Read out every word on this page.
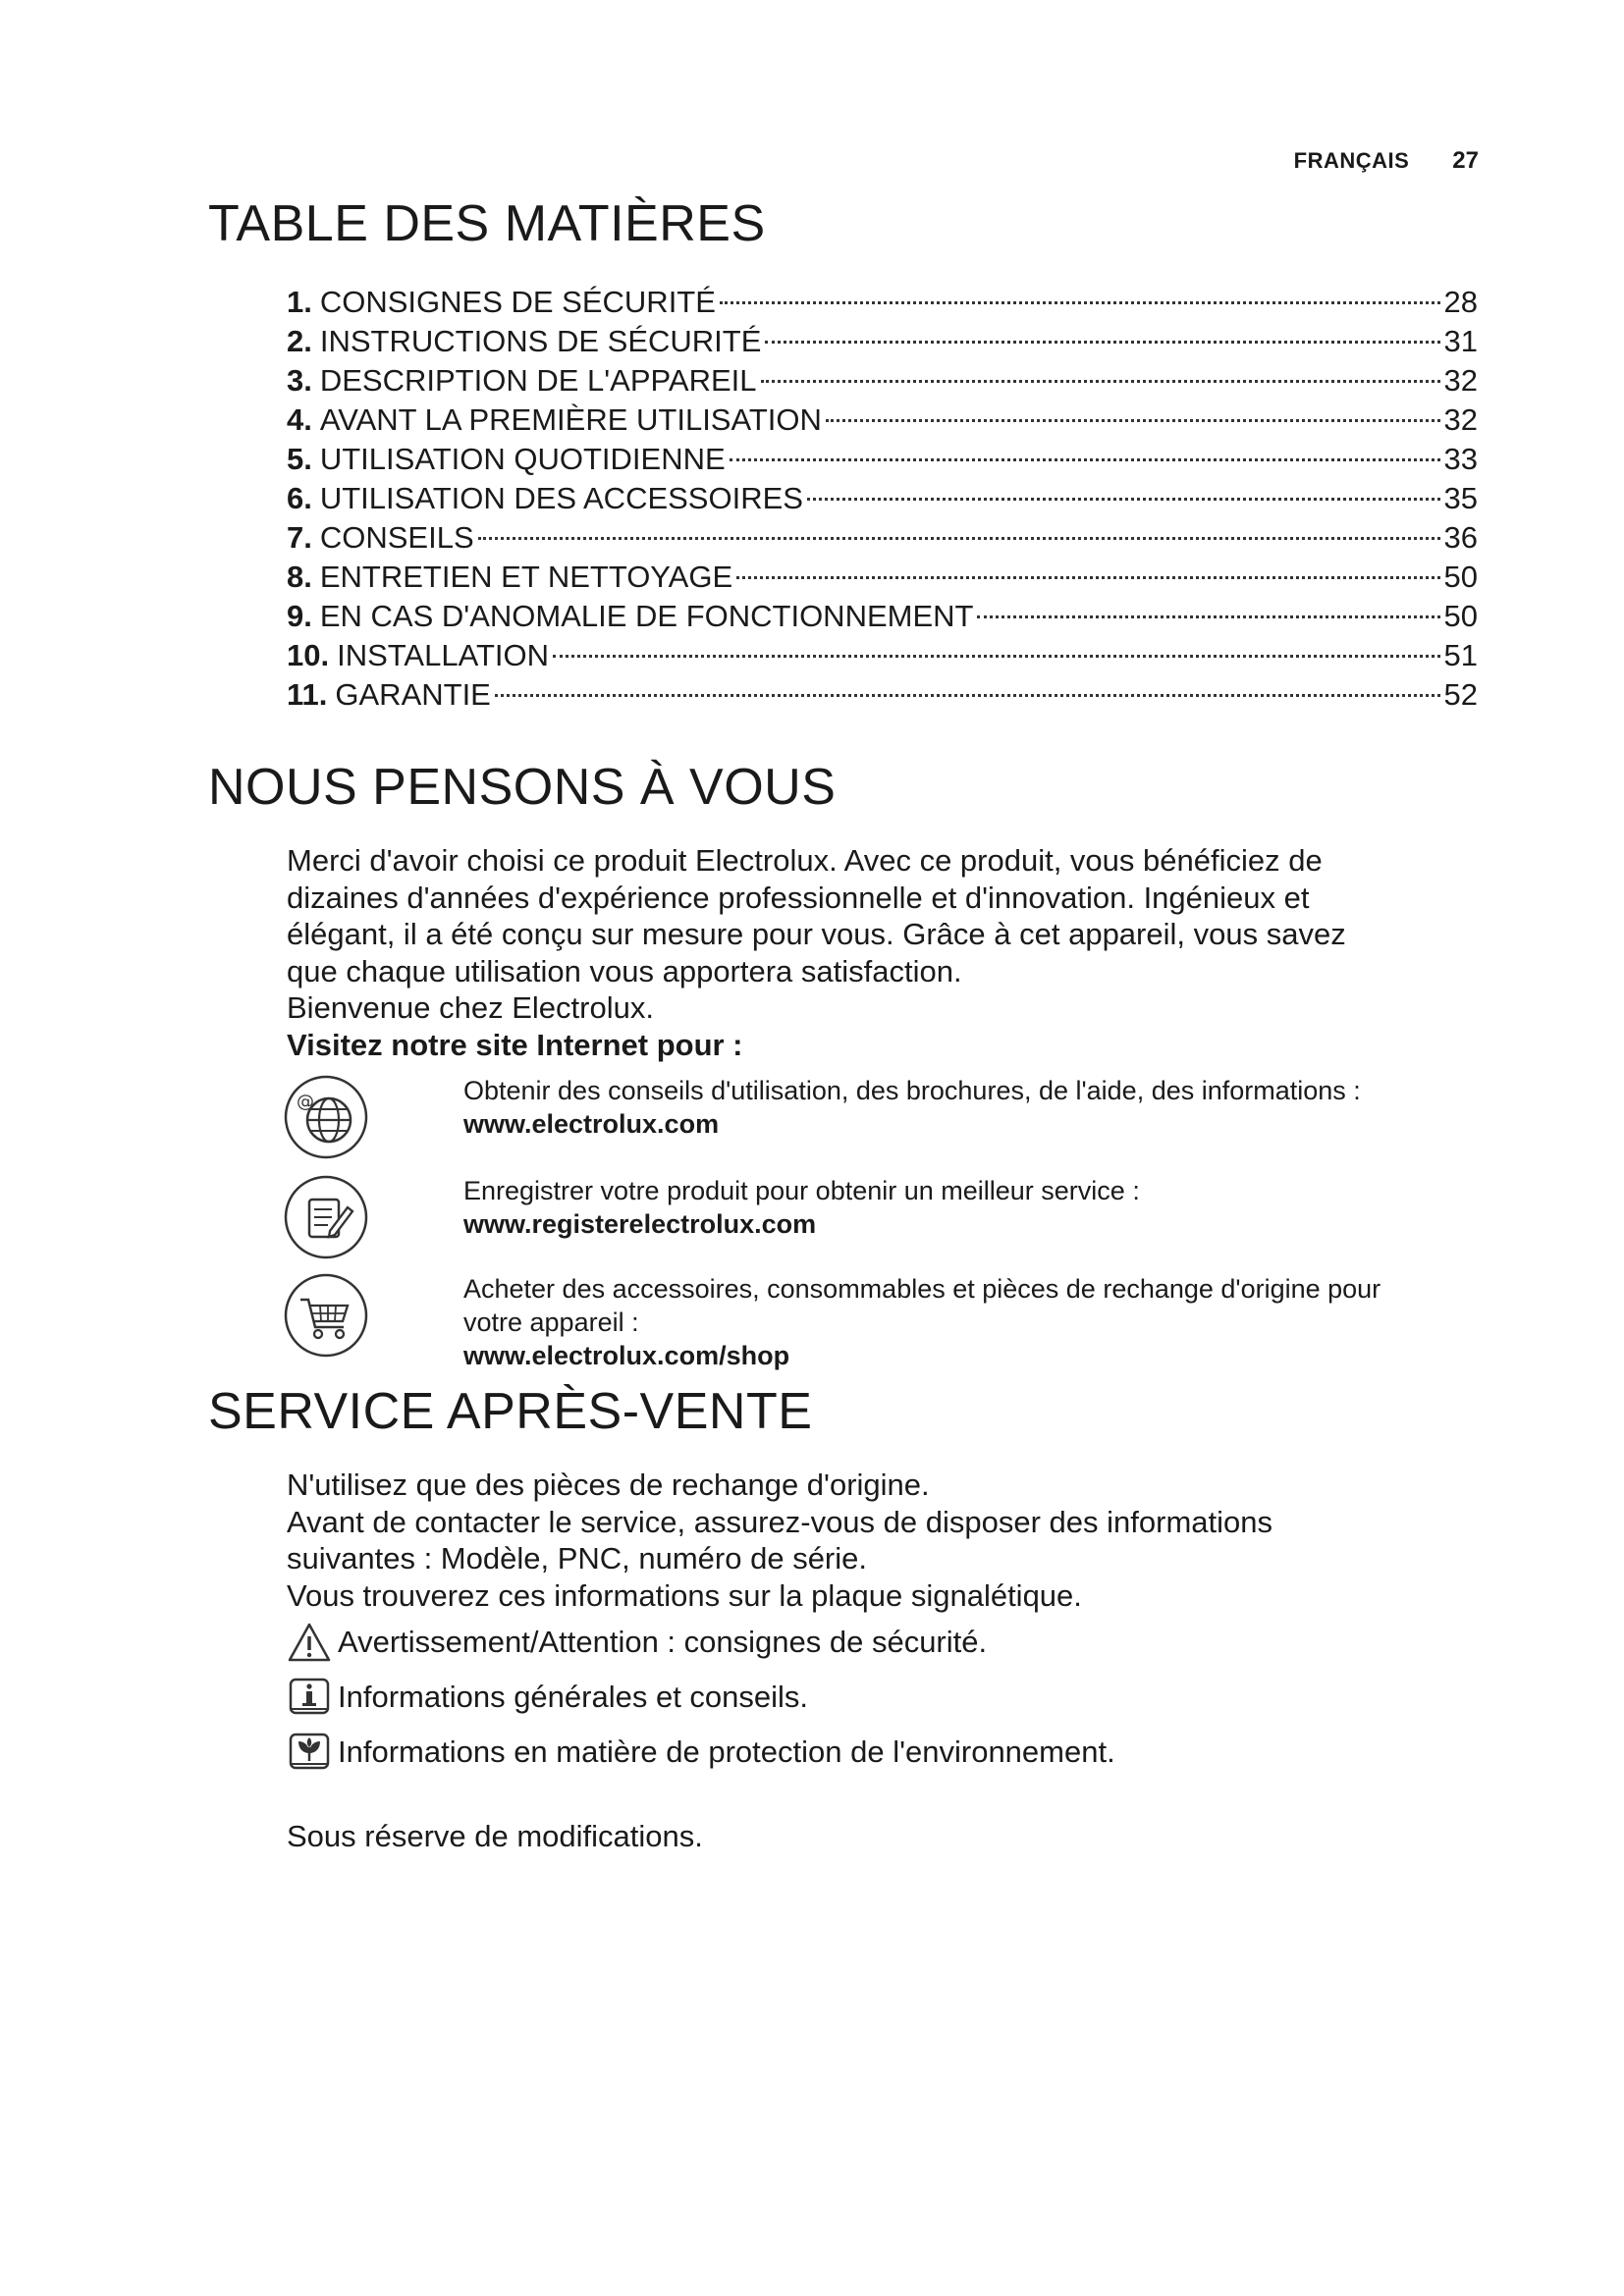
FRANÇAIS 27
TABLE DES MATIÈRES
1. CONSIGNES DE SÉCURITÉ	28
2. INSTRUCTIONS DE SÉCURITÉ	31
3. DESCRIPTION DE L'APPAREIL	32
4. AVANT LA PREMIÈRE UTILISATION	32
5. UTILISATION QUOTIDIENNE	33
6. UTILISATION DES ACCESSOIRES	35
7. CONSEILS	36
8. ENTRETIEN ET NETTOYAGE	50
9. EN CAS D'ANOMALIE DE FONCTIONNEMENT	50
10. INSTALLATION	51
11. GARANTIE	52
NOUS PENSONS À VOUS

Merci d'avoir choisi ce produit Electrolux. Avec ce produit, vous bénéficiez de

dizaines d'années d'expérience professionnelle et d'innovation. Ingénieux et

élégant, il a été conçu sur mesure pour vous. Grâce à cet appareil, vous savez

que chaque utilisation vous apportera satisfaction.

Bienvenue chez Electrolux.

Visitez notre site Internet pour :

@	Obtenir des conseils d'utilisation, des brochures, de l'aide, des informations :
www.electrolux.com
Enregistrer votre produit pour obtenir un meilleur service :
www.registerelectrolux.com
Acheter des accessoires, consommables et pièces de rechange d'origine pour
votre appareil :
www.electrolux.com/shop
SERVICE APRÈS-VENTE

N'utilisez que des pièces de rechange d'origine.

Avant de contacter le service, assurez-vous de disposer des informations

suivantes : Modèle, PNC, numéro de série.

Vous trouverez ces informations sur la plaque signalétique.

Avertissement/Attention : consignes de sécurité.
Informations générales et conseils.
Informations en matière de protection de l'environnement.

Sous réserve de modifications.
